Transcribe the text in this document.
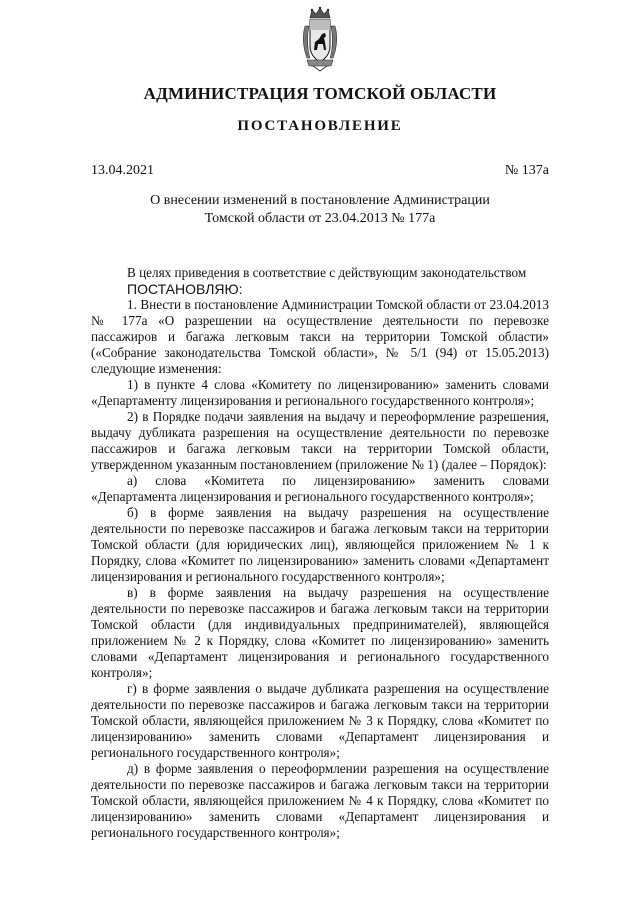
АДМИНИСТРАЦИЯ ТОМСКОЙ ОБЛАСТИ
ПОСТАНОВЛЕНИЕ
13.04.2021	№ 137а
О внесении изменений в постановление Администрации
Томской области от 23.04.2013 № 177а

В целях приведения в соответствие с действующим законодательством

ПОСТАНОВЛЯЮ:

1. Внести в постановление Администрации Томской области от 23.04.2013 № 177а «О разрешении на осуществление деятельности по перевозке пассажиров и багажа легковым такси на территории Томской области» («Собрание законодательства Томской области», № 5/1 (94) от 15.05.2013) следующие изменения:

1) в пункте 4 слова «Комитету по лицензированию» заменить словами «Департаменту лицензирования и регионального государственного контроля»;

2) в Порядке подачи заявления на выдачу и переоформление разрешения, выдачу дубликата разрешения на осуществление деятельности по перевозке пассажиров и багажа легковым такси на территории Томской области, утвержденном указанным постановлением (приложение № 1) (далее – Порядок):

а) слова «Комитета по лицензированию» заменить словами «Департамента лицензирования и регионального государственного контроля»;

б) в форме заявления на выдачу разрешения на осуществление деятельности по перевозке пассажиров и багажа легковым такси на территории Томской области (для юридических лиц), являющейся приложением № 1 к Порядку, слова «Комитет по лицензированию» заменить словами «Департамент лицензирования и регионального государственного контроля»;

в) в форме заявления на выдачу разрешения на осуществление деятельности по перевозке пассажиров и багажа легковым такси на территории Томской области (для индивидуальных предпринимателей), являющейся приложением № 2 к Порядку, слова «Комитет по лицензированию» заменить словами «Департамент лицензирования и регионального государственного контроля»;

г) в форме заявления о выдаче дубликата разрешения на осуществление деятельности по перевозке пассажиров и багажа легковым такси на территории Томской области, являющейся приложением № 3 к Порядку, слова «Комитет по лицензированию» заменить словами «Департамент лицензирования и регионального государственного контроля»;

д) в форме заявления о переоформлении разрешения на осуществление деятельности по перевозке пассажиров и багажа легковым такси на территории Томской области, являющейся приложением № 4 к Порядку, слова «Комитет по лицензированию» заменить словами «Департамент лицензирования и регионального государственного контроля»;
